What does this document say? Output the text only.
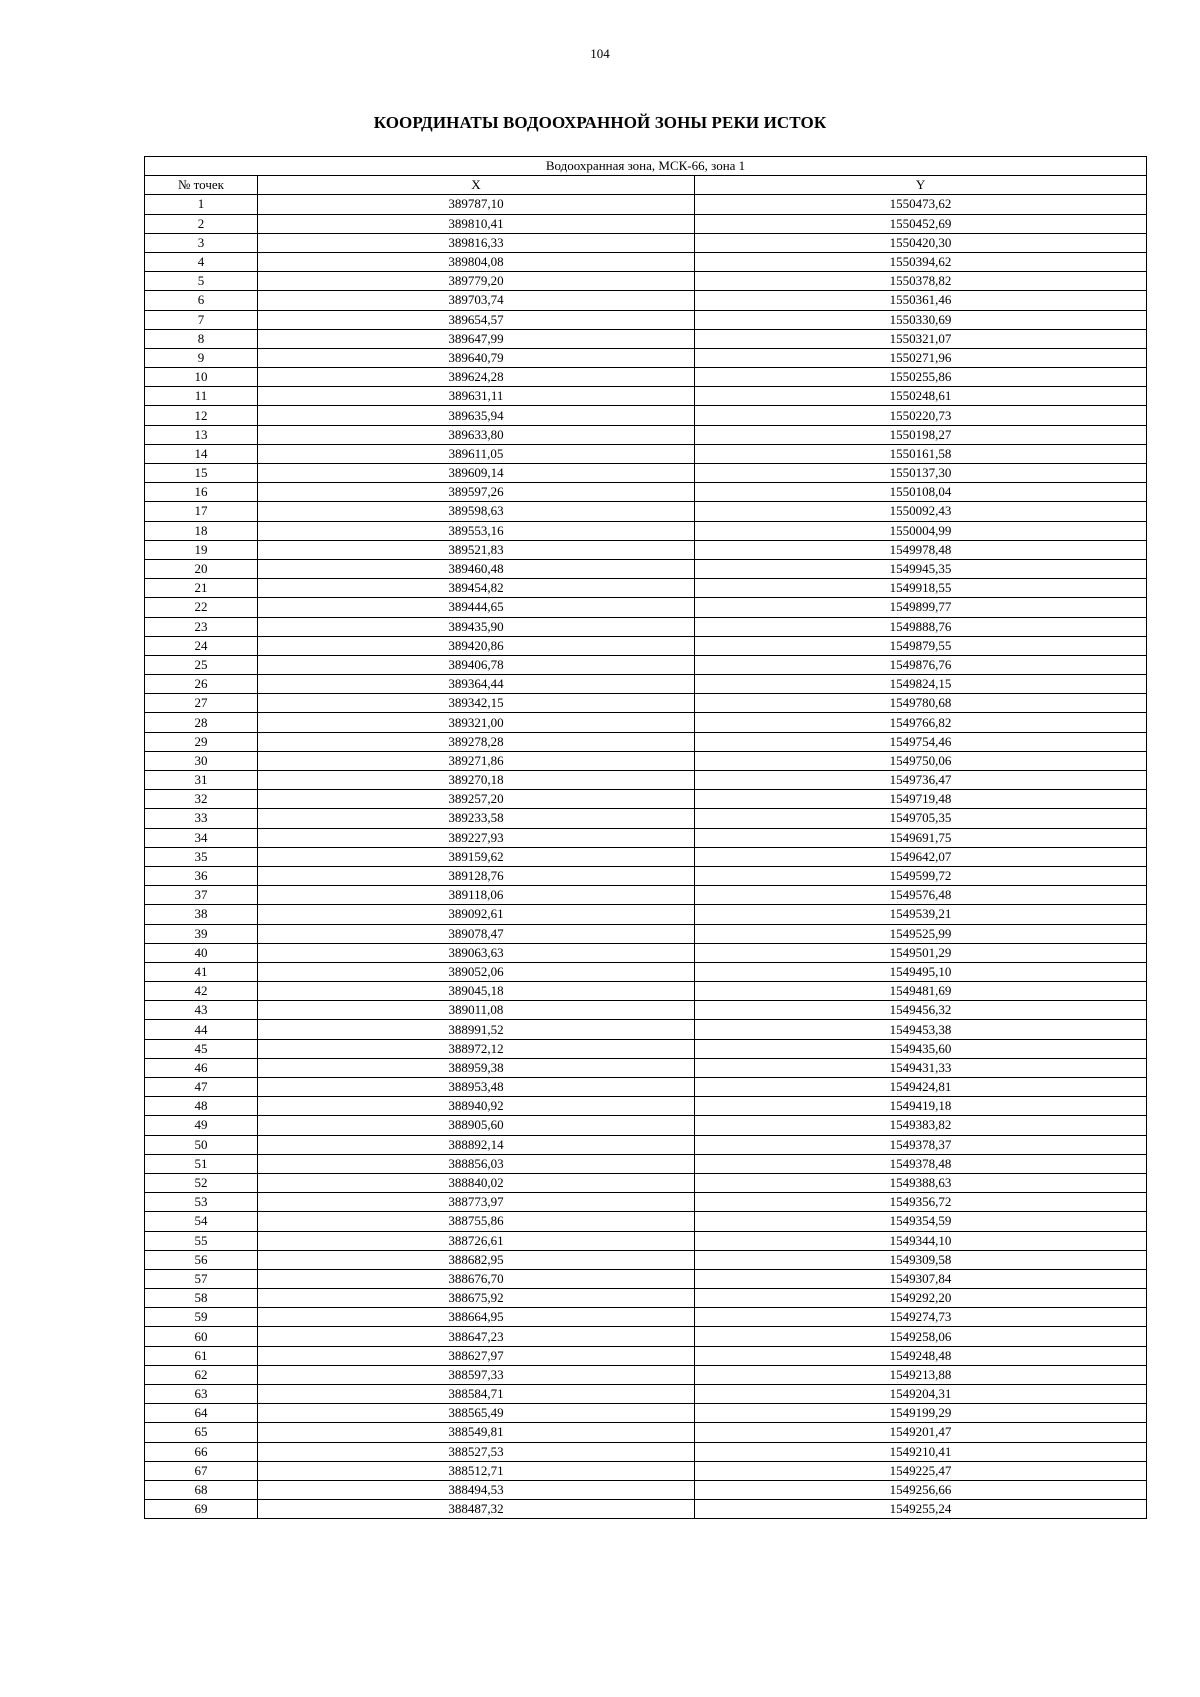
104
КООРДИНАТЫ ВОДООХРАННОЙ ЗОНЫ РЕКИ ИСТОК
Водоохранная зона, МСК-66, зона 1		
№ точек	X	Y
1	389787,10	1550473,62
2	389810,41	1550452,69
3	389816,33	1550420,30
4	389804,08	1550394,62
5	389779,20	1550378,82
6	389703,74	1550361,46
7	389654,57	1550330,69
8	389647,99	1550321,07
9	389640,79	1550271,96
10	389624,28	1550255,86
11	389631,11	1550248,61
12	389635,94	1550220,73
13	389633,80	1550198,27
14	389611,05	1550161,58
15	389609,14	1550137,30
16	389597,26	1550108,04
17	389598,63	1550092,43
18	389553,16	1550004,99
19	389521,83	1549978,48
20	389460,48	1549945,35
21	389454,82	1549918,55
22	389444,65	1549899,77
23	389435,90	1549888,76
24	389420,86	1549879,55
25	389406,78	1549876,76
26	389364,44	1549824,15
27	389342,15	1549780,68
28	389321,00	1549766,82
29	389278,28	1549754,46
30	389271,86	1549750,06
31	389270,18	1549736,47
32	389257,20	1549719,48
33	389233,58	1549705,35
34	389227,93	1549691,75
35	389159,62	1549642,07
36	389128,76	1549599,72
37	389118,06	1549576,48
38	389092,61	1549539,21
39	389078,47	1549525,99
40	389063,63	1549501,29
41	389052,06	1549495,10
42	389045,18	1549481,69
43	389011,08	1549456,32
44	388991,52	1549453,38
45	388972,12	1549435,60
46	388959,38	1549431,33
47	388953,48	1549424,81
48	388940,92	1549419,18
49	388905,60	1549383,82
50	388892,14	1549378,37
51	388856,03	1549378,48
52	388840,02	1549388,63
53	388773,97	1549356,72
54	388755,86	1549354,59
55	388726,61	1549344,10
56	388682,95	1549309,58
57	388676,70	1549307,84
58	388675,92	1549292,20
59	388664,95	1549274,73
60	388647,23	1549258,06
61	388627,97	1549248,48
62	388597,33	1549213,88
63	388584,71	1549204,31
64	388565,49	1549199,29
65	388549,81	1549201,47
66	388527,53	1549210,41
67	388512,71	1549225,47
68	388494,53	1549256,66
69	388487,32	1549255,24
